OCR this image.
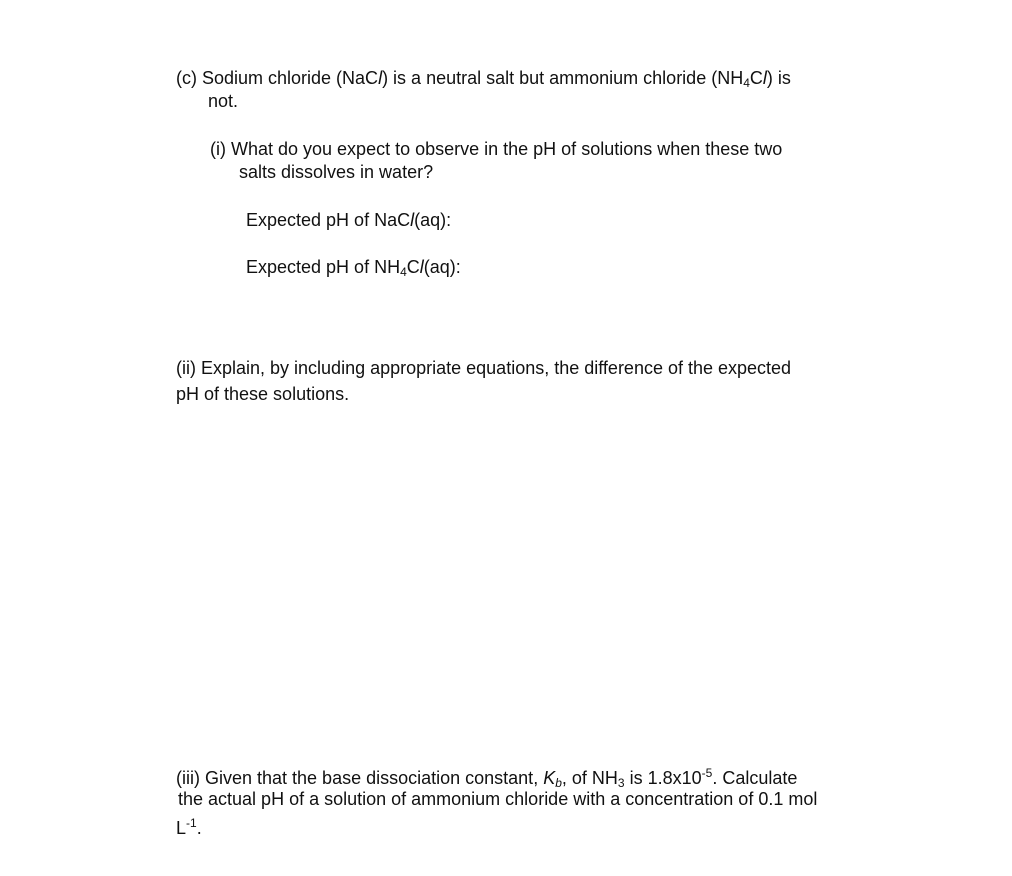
(c) Sodium chloride (NaCl) is a neutral salt but ammonium chloride (NH4Cl) is
not.
(i) What do you expect to observe in the pH of solutions when these two
salts dissolves in water?
Expected pH of NaCl(aq):
Expected pH of NH4Cl(aq):
(ii) Explain, by including appropriate equations, the difference of the expected
pH of these solutions.
(iii) Given that the base dissociation constant, Kb, of NH3 is $1.8x10^{-5}$. Calculate
the actual pH of a solution of ammonium chloride with a concentration of 0.1 mol
$L^{-1}$.
